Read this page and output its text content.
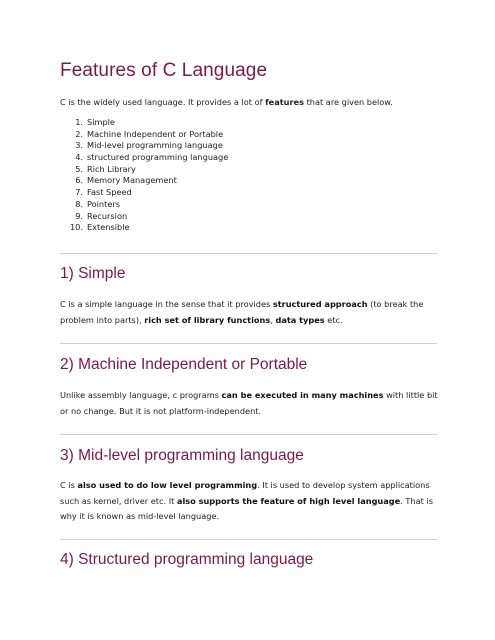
Features of C Language

C is the widely used language. It provides a lot of features that are given below.

1. Simple
2. Machine Independent or Portable
3. Mid-level programming language
4. structured programming language
5. Rich Library
6. Memory Management
7. Fast Speed
8. Pointers
9. Recursion
10. Extensible
1) Simple

C is a simple language in the sense that it provides structured approach (to break the problem into parts), rich set of library functions, data types etc.

2) Machine Independent or Portable

Unlike assembly language, c programs can be executed in many machines with little bit or no change. But it is not platform-independent.

3) Mid-level programming language

C is also used to do low level programming. It is used to develop system applications such as kernel, driver etc. It also supports the feature of high level language. That is why it is known as mid-level language.

4) Structured programming language
